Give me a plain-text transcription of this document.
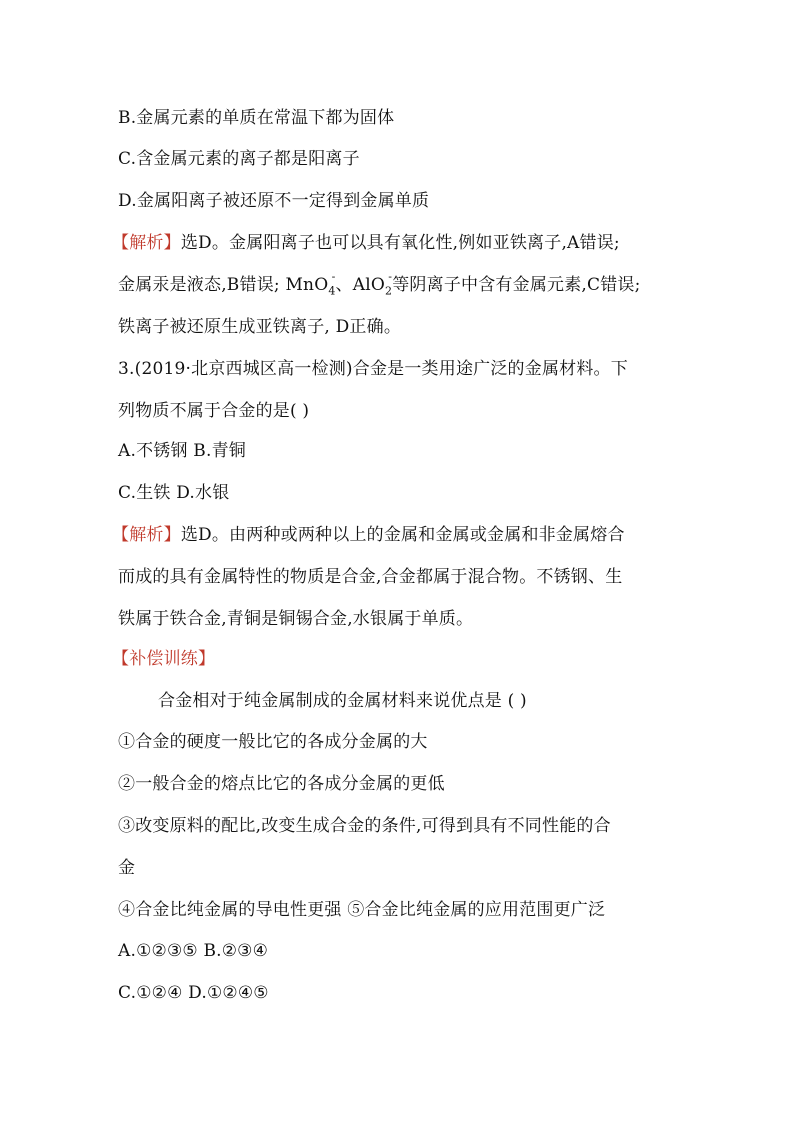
B.金属元素的单质在常温下都为固体
C.含金属元素的离子都是阳离子
D.金属阳离子被还原不一定得到金属单质
【解析】选D。金属阳离子也可以具有氧化性,例如亚铁离子,A错误;
金属汞是液态,B错误; MnO$_4$
- 、AlO$_2$
- 等阴离子中含有金属元素,C错误;
铁离子被还原生成亚铁离子, D正确。
3.(2019·北京西城区高一检测)合金是一类用途广泛的金属材料。下
列物质不属于合金的是( )
A.不锈钢 B.青铜
C.生铁 D.水银
【解析】选D。由两种或两种以上的金属和金属或金属和非金属熔合
而成的具有金属特性的物质是合金,合金都属于混合物。不锈钢、生
铁属于铁合金,青铜是铜锡合金,水银属于单质。
【补偿训练】
合金相对于纯金属制成的金属材料来说优点是 ( )
①合金的硬度一般比它的各成分金属的大
②一般合金的熔点比它的各成分金属的更低
③改变原料的配比,改变生成合金的条件,可得到具有不同性能的合
金
④合金比纯金属的导电性更强 ⑤合金比纯金属的应用范围更广泛
A.①②③⑤ B.②③④
C.①②④ D.①②④⑤
